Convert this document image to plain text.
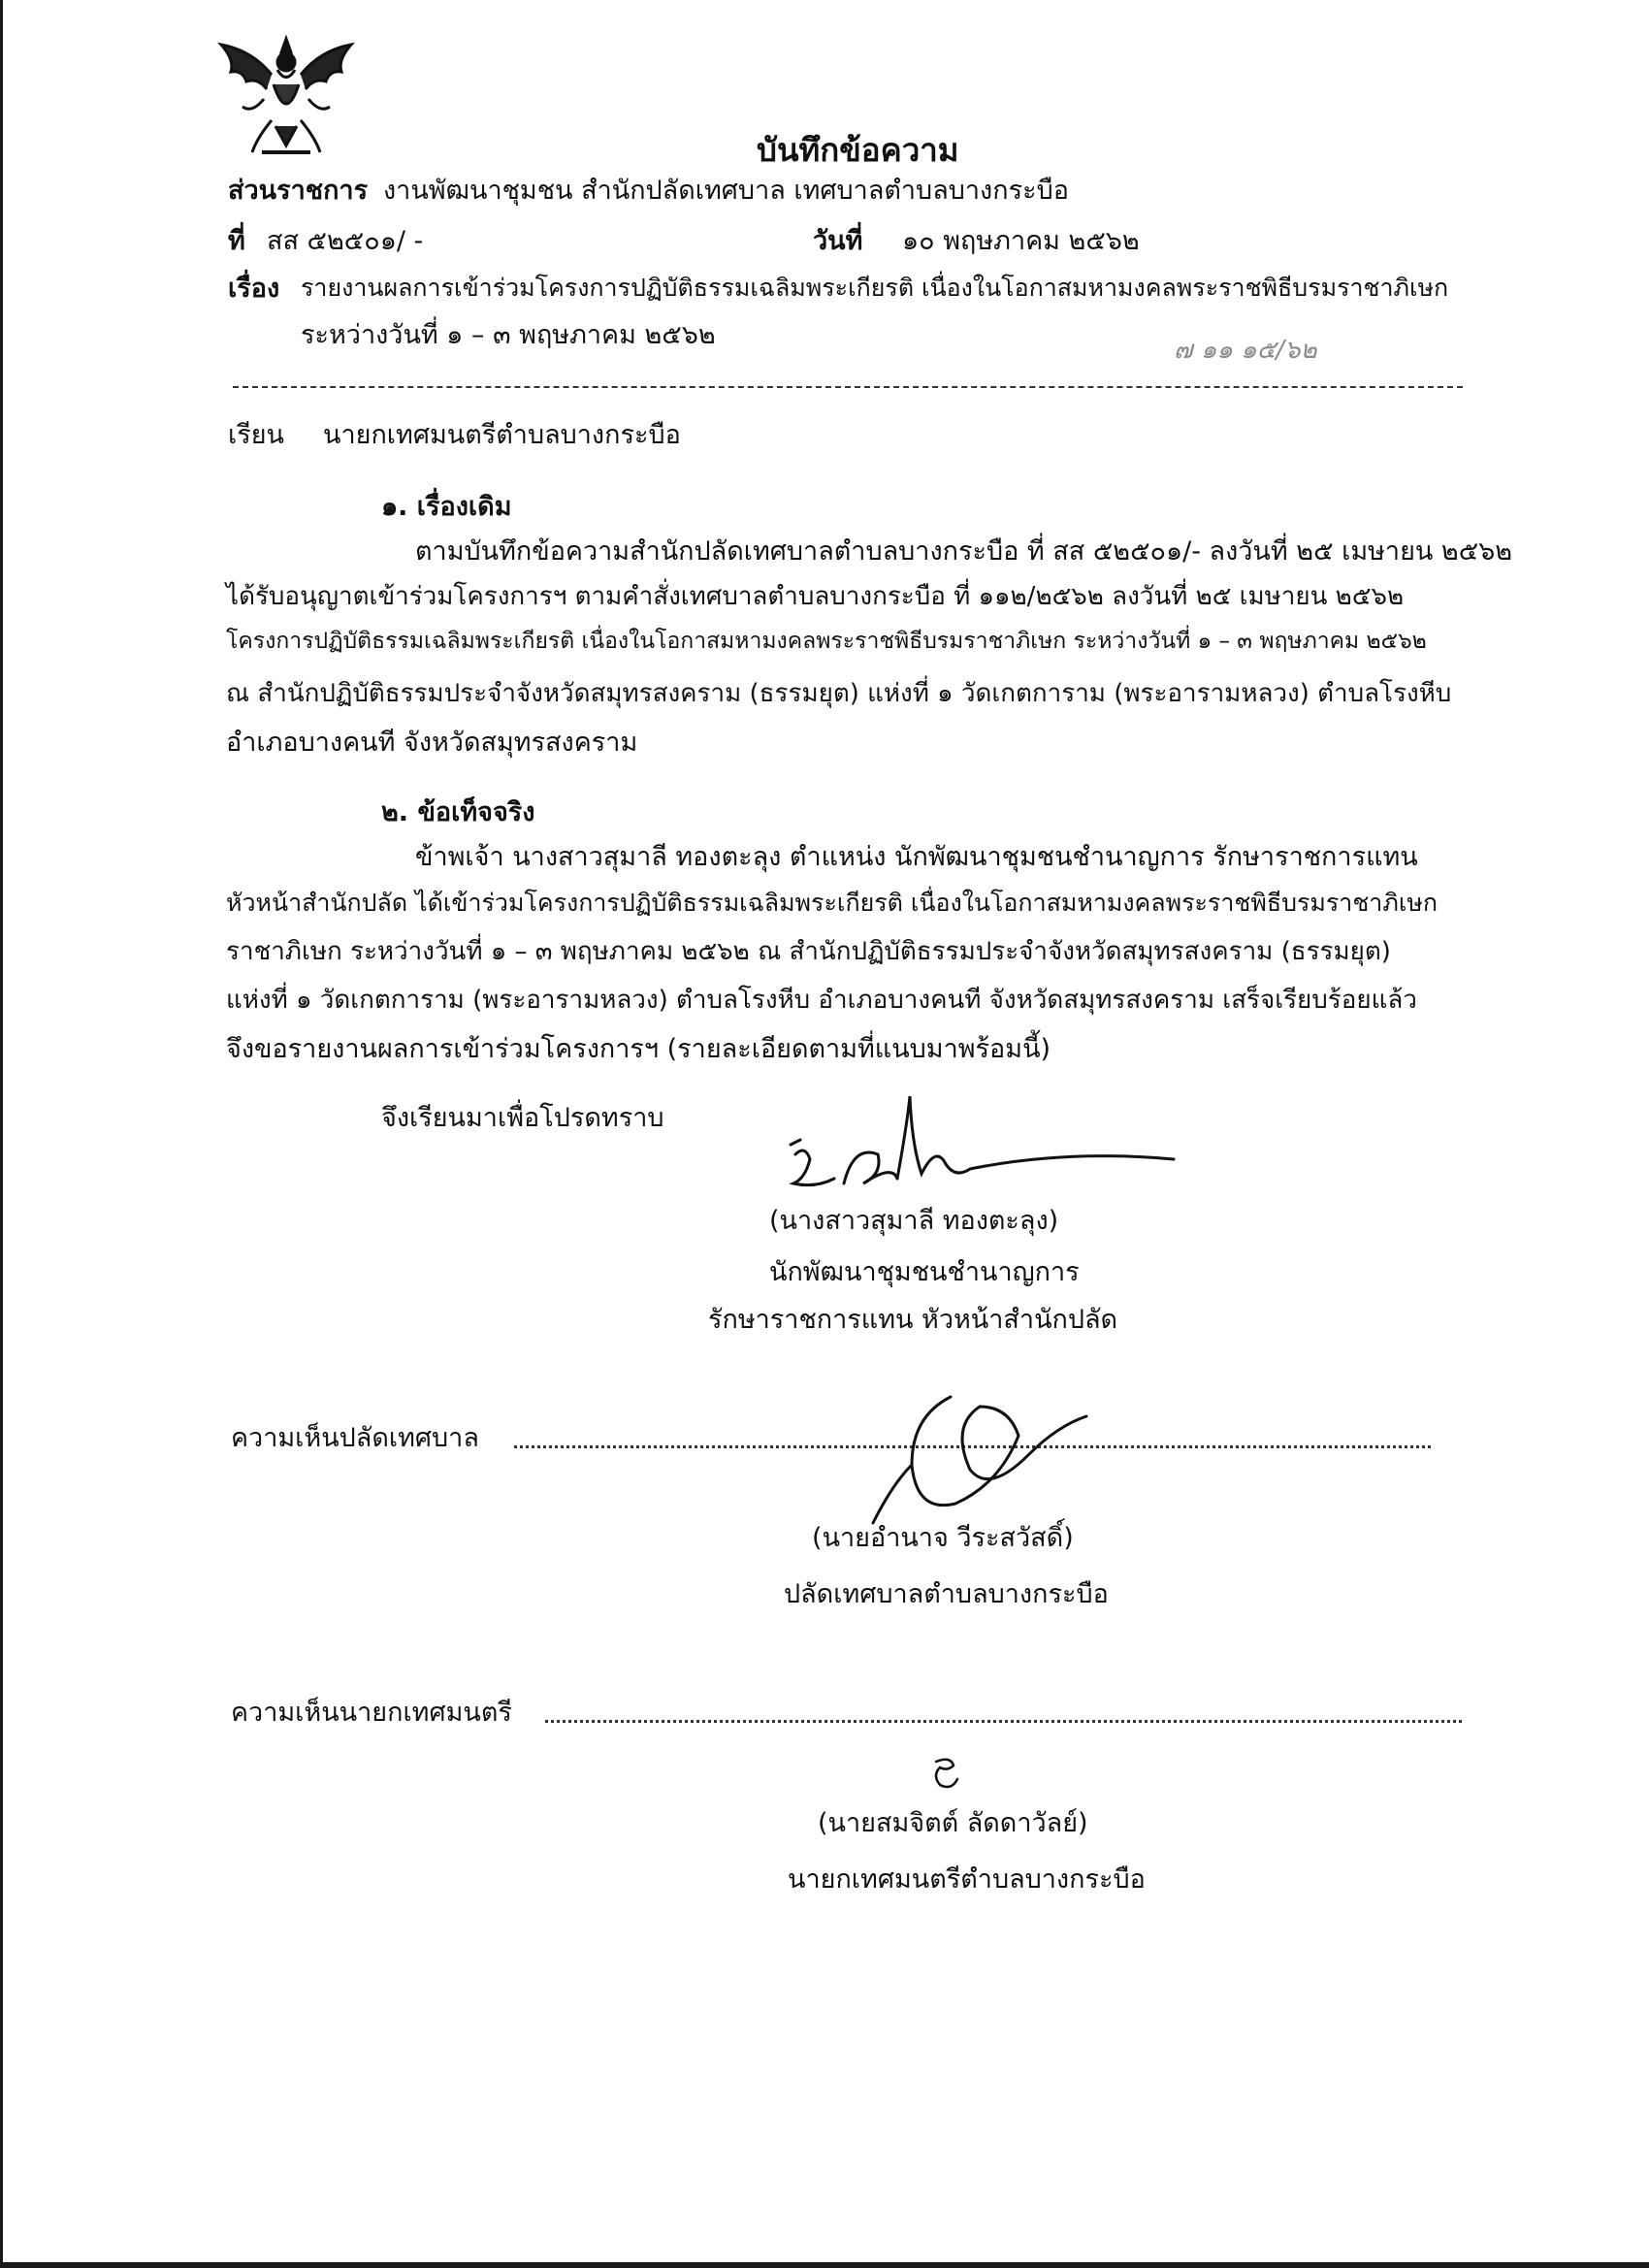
บันทึกข้อความ
ส่วนราชการ งานพัฒนาชุมชน สำนักปลัดเทศบาล เทศบาลตำบลบางกระบือ
ที่ สส ๕๒๕๐๑/ -	วันที่ ๑๐ พฤษภาคม ๒๕๖๒
เรื่อง รายงานผลการเข้าร่วมโครงการปฏิบัติธรรมเฉลิมพระเกียรติ เนื่องในโอกาสมหามงคลพระราชพิธีบรมราชาภิเษก
ระหว่างวันที่ ๑ – ๓ พฤษภาคม ๒๕๖๒	๗ ๑๑ ๑๕/๖๒
เรียน นายกเทศมนตรีตำบลบางกระบือ
๑. เรื่องเดิม
ตามบันทึกข้อความสำนักปลัดเทศบาลตำบลบางกระบือ ที่ สส ๕๒๕๐๑/- ลงวันที่ ๒๕ เมษายน ๒๕๖๒
ได้รับอนุญาตเข้าร่วมโครงการฯ ตามคำสั่งเทศบาลตำบลบางกระบือ ที่ ๑๑๒/๒๕๖๒ ลงวันที่ ๒๕ เมษายน ๒๕๖๒
โครงการปฏิบัติธรรมเฉลิมพระเกียรติ เนื่องในโอกาสมหามงคลพระราชพิธีบรมราชาภิเษก ระหว่างวันที่ ๑ – ๓ พฤษภาคม ๒๕๖๒
ณ สำนักปฏิบัติธรรมประจำจังหวัดสมุทรสงคราม (ธรรมยุต) แห่งที่ ๑ วัดเกตการาม (พระอารามหลวง) ตำบลโรงหีบ
อำเภอบางคนที จังหวัดสมุทรสงคราม
๒. ข้อเท็จจริง
ข้าพเจ้า นางสาวสุมาลี ทองตะลุง ตำแหน่ง นักพัฒนาชุมชนชำนาญการ รักษาราชการแทน
หัวหน้าสำนักปลัด ได้เข้าร่วมโครงการปฏิบัติธรรมเฉลิมพระเกียรติ เนื่องในโอกาสมหามงคลพระราชพิธีบรมราชาภิเษก
ราชาภิเษก ระหว่างวันที่ ๑ – ๓ พฤษภาคม ๒๕๖๒ ณ สำนักปฏิบัติธรรมประจำจังหวัดสมุทรสงคราม (ธรรมยุต)
แห่งที่ ๑ วัดเกตการาม (พระอารามหลวง) ตำบลโรงหีบ อำเภอบางคนที จังหวัดสมุทรสงคราม เสร็จเรียบร้อยแล้ว
จึงขอรายงานผลการเข้าร่วมโครงการฯ (รายละเอียดตามที่แนบมาพร้อมนี้)
จึงเรียนมาเพื่อโปรดทราบ
(นางสาวสุมาลี ทองตะลุง)
นักพัฒนาชุมชนชำนาญการ
รักษาราชการแทน หัวหน้าสำนักปลัด
ความเห็นปลัดเทศบาล
(นายอำนาจ วีระสวัสดิ์)
ปลัดเทศบาลตำบลบางกระบือ
ความเห็นนายกเทศมนตรี
(นายสมจิตต์ ลัดดาวัลย์)
นายกเทศมนตรีตำบลบางกระบือ
